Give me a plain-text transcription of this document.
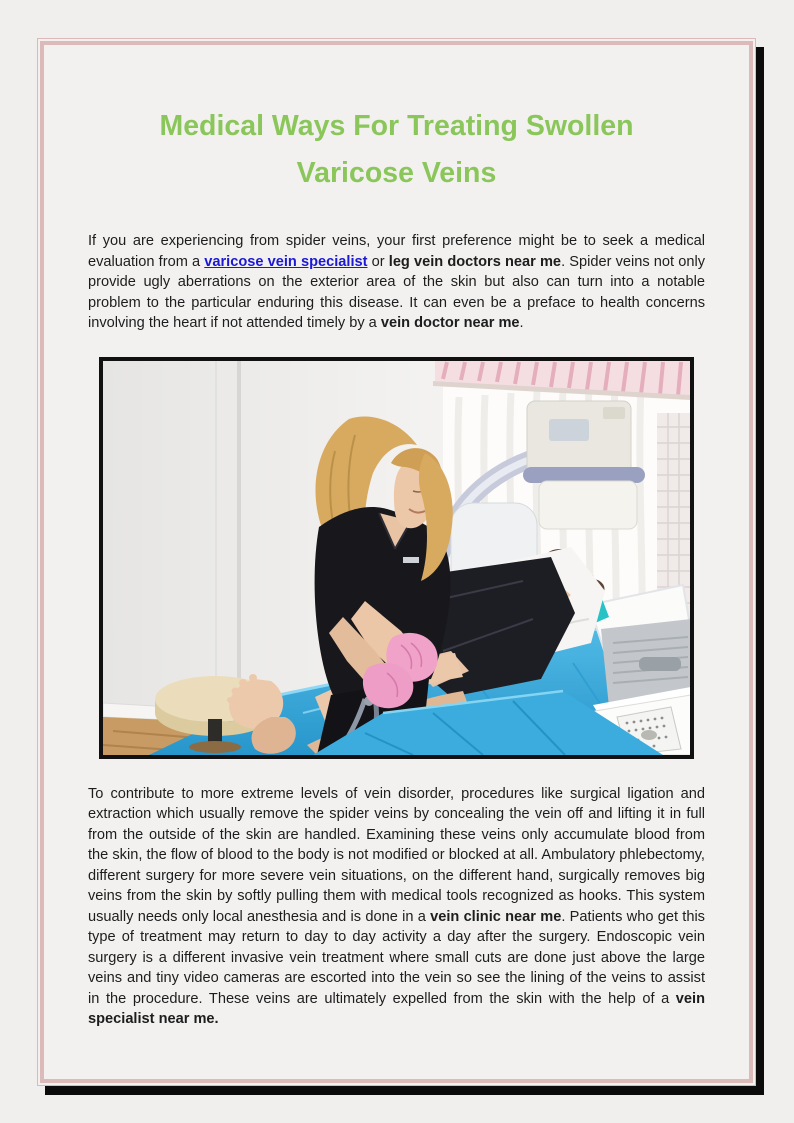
Medical Ways For Treating Swollen
Varicose Veins

If you are experiencing from spider veins, your first preference might be to seek a medical evaluation from a varicose vein specialist or leg vein doctors near me. Spider veins not only provide ugly aberrations on the exterior area of the skin but also can turn into a notable problem to the particular enduring this disease. It can even be a preface to health concerns involving the heart if not attended timely by a vein doctor near me.

To contribute to more extreme levels of vein disorder, procedures like surgical ligation and extraction which usually remove the spider veins by concealing the vein off and lifting it in full from the outside of the skin are handled. Examining these veins only accumulate blood from the skin, the flow of blood to the body is not modified or blocked at all. Ambulatory phlebectomy, different surgery for more severe vein situations, on the different hand, surgically removes big veins from the skin by softly pulling them with medical tools recognized as hooks. This system usually needs only local anesthesia and is done in a vein clinic near me. Patients who get this type of treatment may return to day to day activity a day after the surgery. Endoscopic vein surgery is a different invasive vein treatment where small cuts are done just above the large veins and tiny video cameras are escorted into the vein so see the lining of the veins to assist in the procedure. These veins are ultimately expelled from the skin with the help of a vein specialist near me.
